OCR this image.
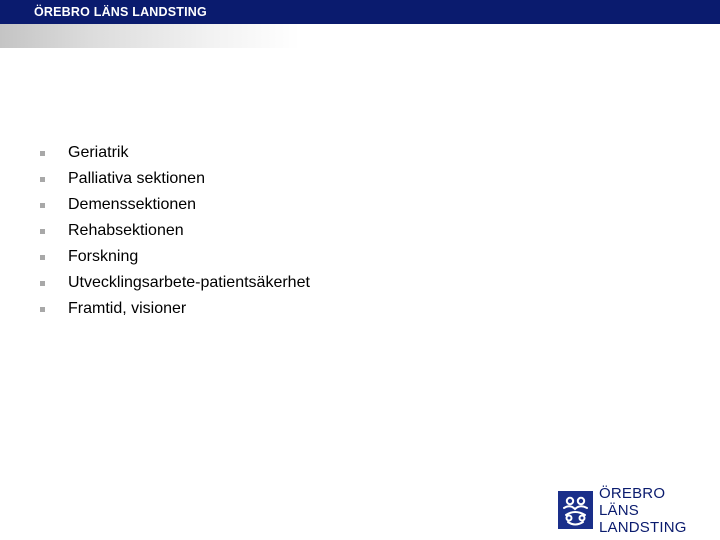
ÖREBRO LÄNS LANDSTING
Geriatrik
Palliativa sektionen
Demenssektionen
Rehabsektionen
Forskning
Utvecklingsarbete-patientsäkerhet
Framtid, visioner
ÖREBRO LÄNS
LANDSTING
